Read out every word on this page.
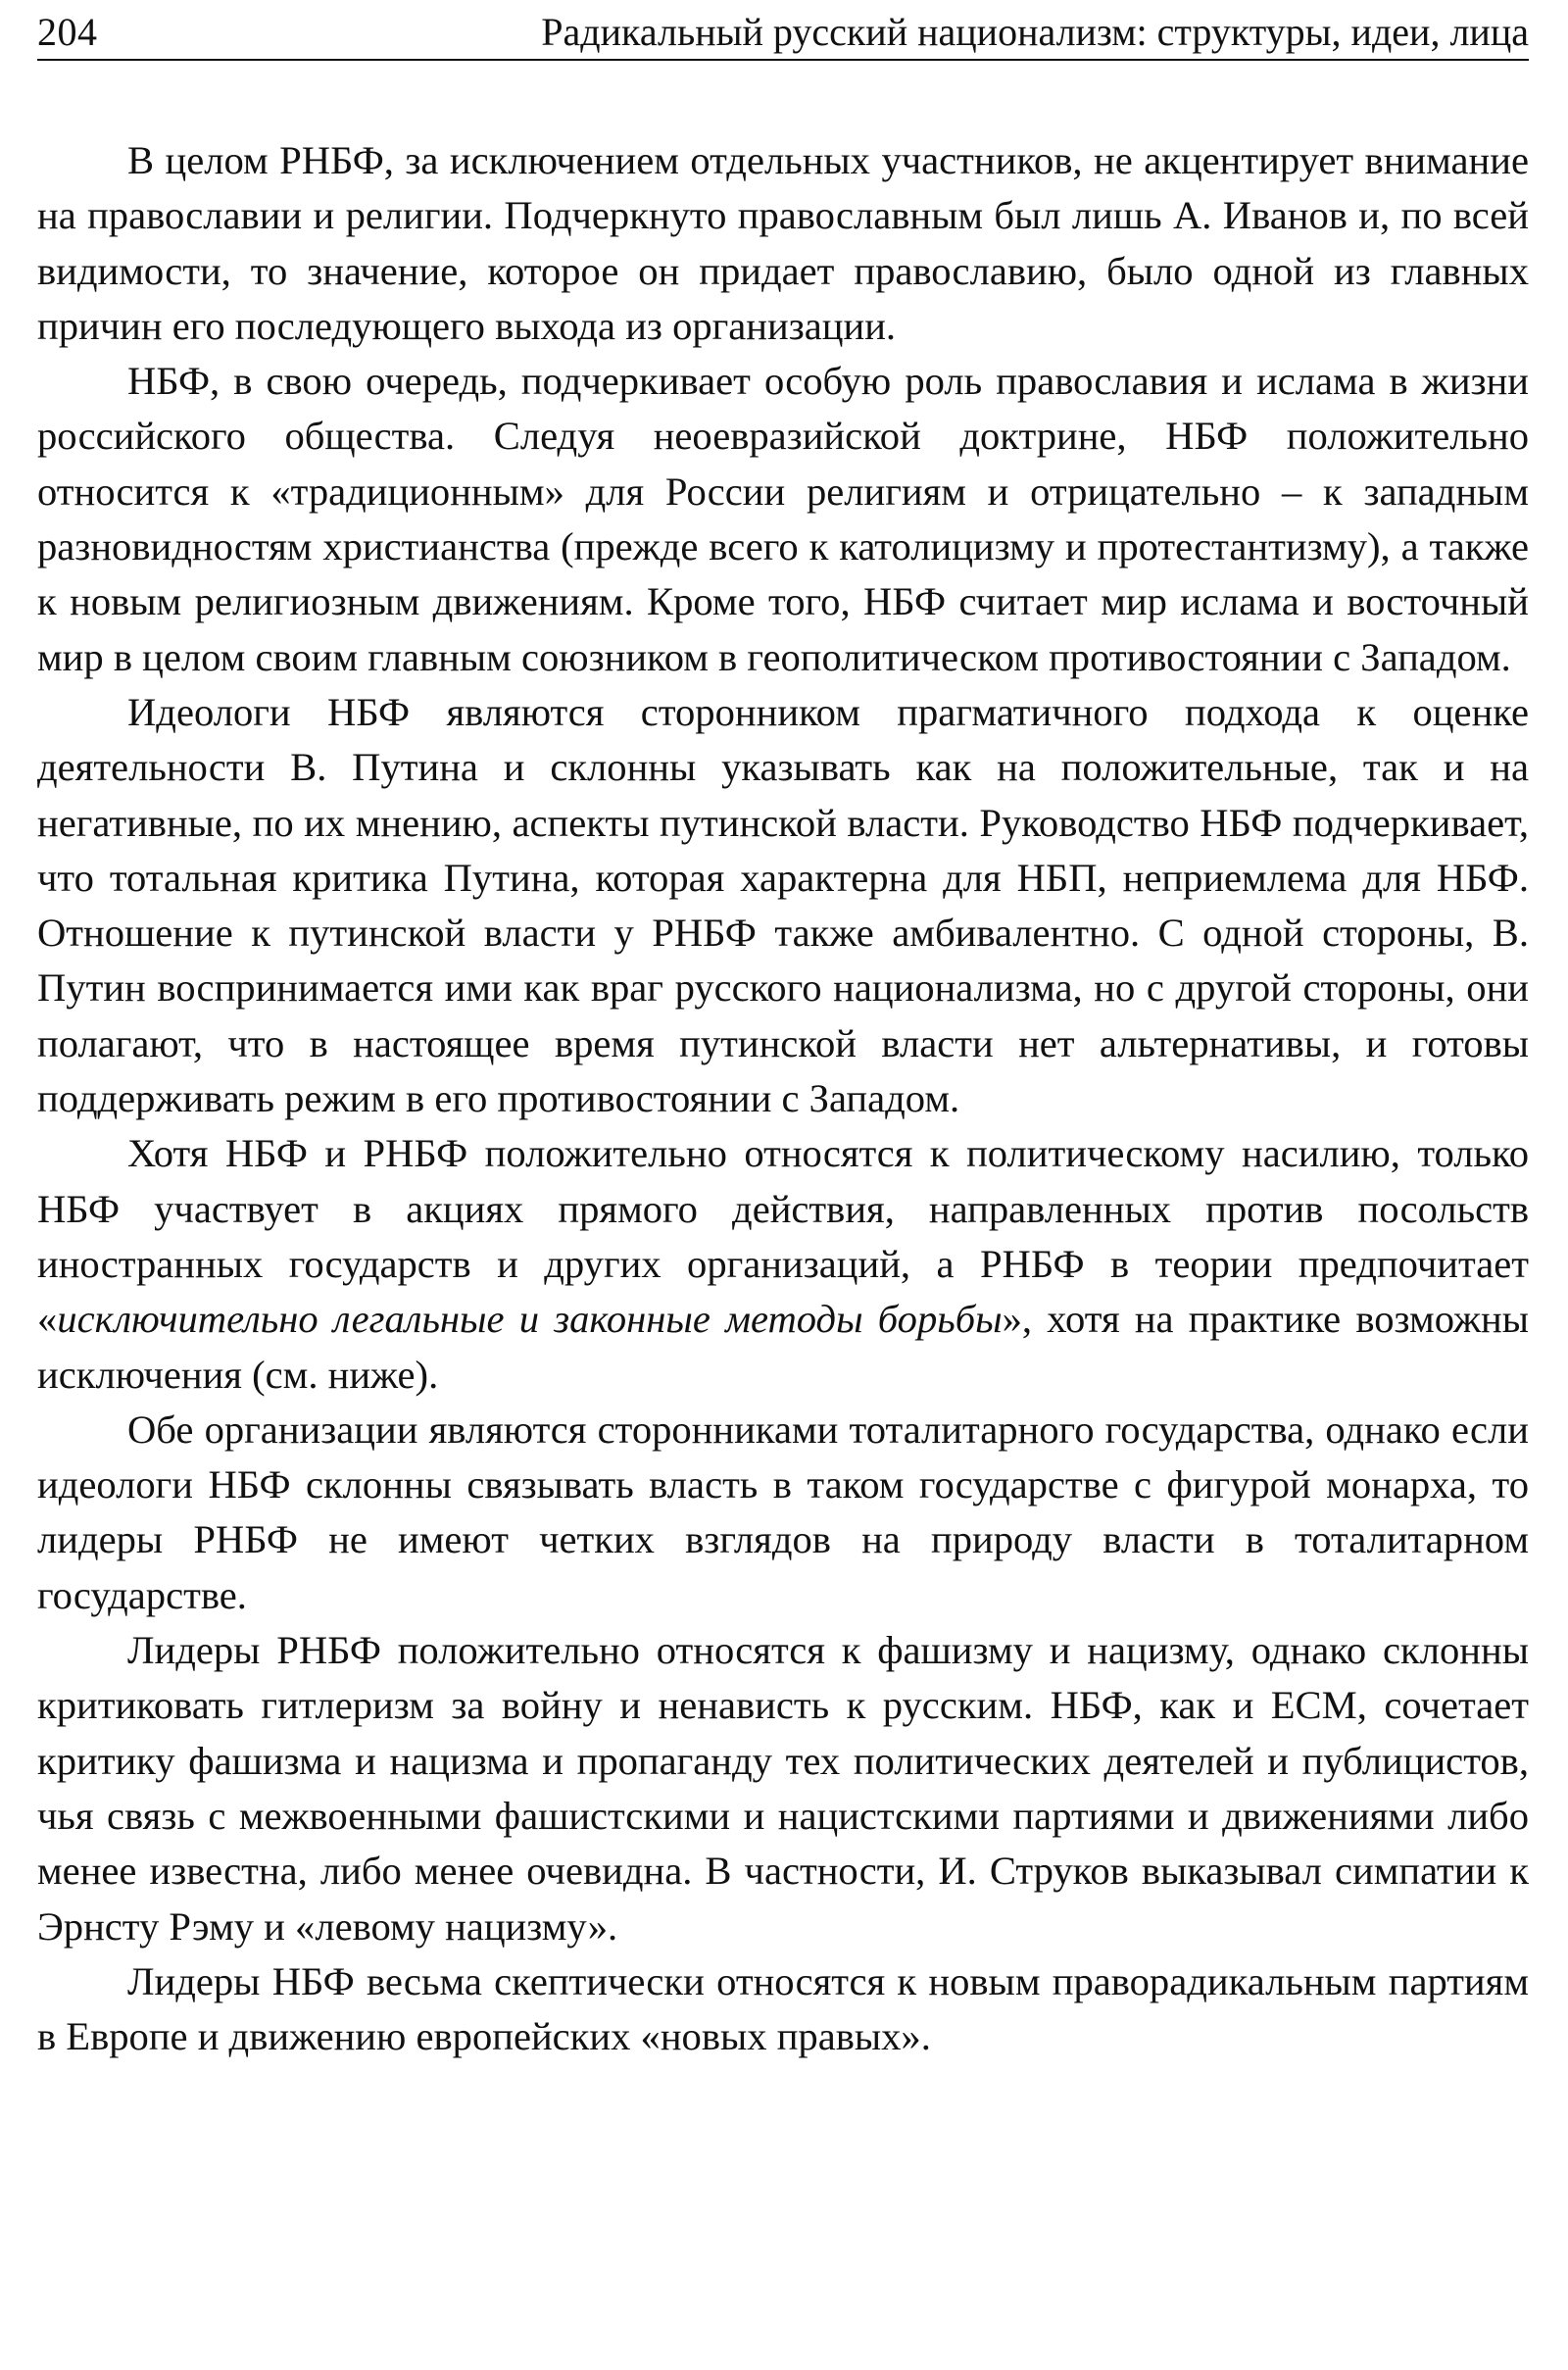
204	Радикальный русский национализм: структуры, идеи, лица

В целом РНБФ, за исключением отдельных участников, не акцентирует внимание на православии и религии. Подчеркнуто православным был лишь А. Иванов и, по всей видимости, то значение, которое он придает православию, было одной из главных причин его последующего выхода из организации.

НБФ, в свою очередь, подчеркивает особую роль православия и ислама в жизни российского общества. Следуя неоевразийской доктрине, НБФ положительно относится к «традиционным» для России религиям и отрицательно – к западным разновидностям христианства (прежде всего к католицизму и протестантизму), а также к новым религиозным движениям. Кроме того, НБФ считает мир ислама и восточный мир в целом своим главным союзником в геополитическом противостоянии с Западом.

Идеологи НБФ являются сторонником прагматичного подхода к оценке деятельности В. Путина и склонны указывать как на положительные, так и на негативные, по их мнению, аспекты путинской власти. Руководство НБФ подчеркивает, что тотальная критика Путина, которая характерна для НБП, неприемлема для НБФ. Отношение к путинской власти у РНБФ также амбивалентно. С одной стороны, В. Путин воспринимается ими как враг русского национализма, но с другой стороны, они полагают, что в настоящее время путинской власти нет альтернативы, и готовы поддерживать режим в его противостоянии с Западом.

Хотя НБФ и РНБФ положительно относятся к политическому насилию, только НБФ участвует в акциях прямого действия, направленных против посольств иностранных государств и других организаций, а РНБФ в теории предпочитает «исключительно легальные и законные методы борьбы», хотя на практике возможны исключения (см. ниже).

Обе организации являются сторонниками тоталитарного государства, однако если идеологи НБФ склонны связывать власть в таком государстве с фигурой монарха, то лидеры РНБФ не имеют четких взглядов на природу власти в тоталитарном государстве.

Лидеры РНБФ положительно относятся к фашизму и нацизму, однако склонны критиковать гитлеризм за войну и ненависть к русским. НБФ, как и ЕСМ, сочетает критику фашизма и нацизма и пропаганду тех политических деятелей и публицистов, чья связь с межвоенными фашистскими и нацистскими партиями и движениями либо менее известна, либо менее очевидна. В частности, И. Струков выказывал симпатии к Эрнсту Рэму и «левому нацизму».

Лидеры НБФ весьма скептически относятся к новым праворадикальным партиям в Европе и движению европейских «новых правых».
